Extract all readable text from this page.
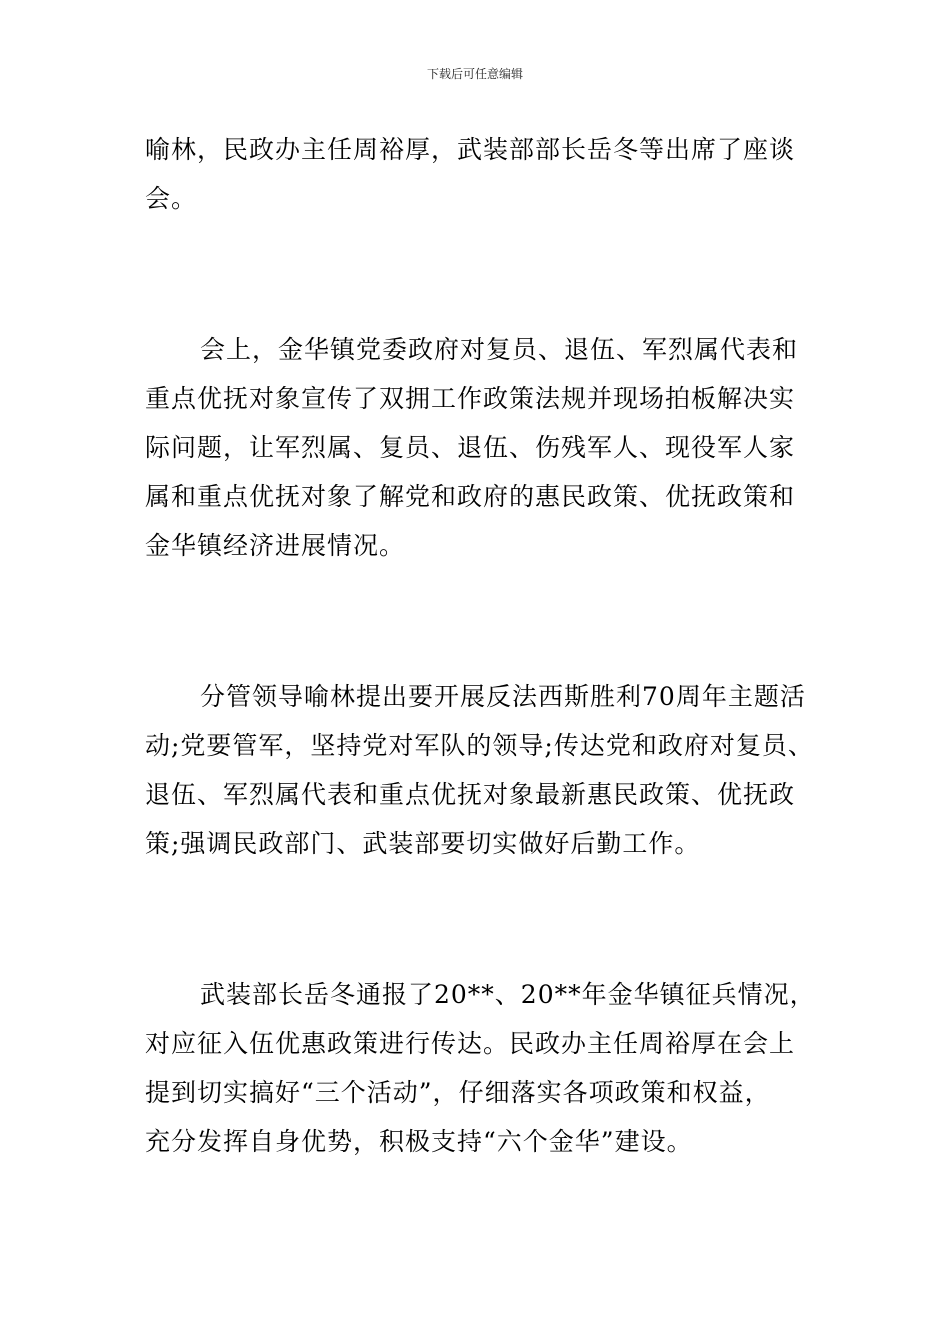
下载后可任意编辑
喻林，民政办主任周裕厚，武装部部长岳冬等出席了座谈
会。
会上，金华镇党委政府对复员、退伍、军烈属代表和
重点优抚对象宣传了双拥工作政策法规并现场拍板解决实
际问题，让军烈属、复员、退伍、伤残军人、现役军人家
属和重点优抚对象了解党和政府的惠民政策、优抚政策和
金华镇经济进展情况。
分管领导喻林提出要开展反法西斯胜利70周年主题活
动;党要管军，坚持党对军队的领导;传达党和政府对复员、
退伍、军烈属代表和重点优抚对象最新惠民政策、优抚政
策;强调民政部门、武装部要切实做好后勤工作。
武装部长岳冬通报了20**、20**年金华镇征兵情况，
对应征入伍优惠政策进行传达。民政办主任周裕厚在会上
提到切实搞好“三个活动”，仔细落实各项政策和权益，
充分发挥自身优势，积极支持“六个金华”建设。
